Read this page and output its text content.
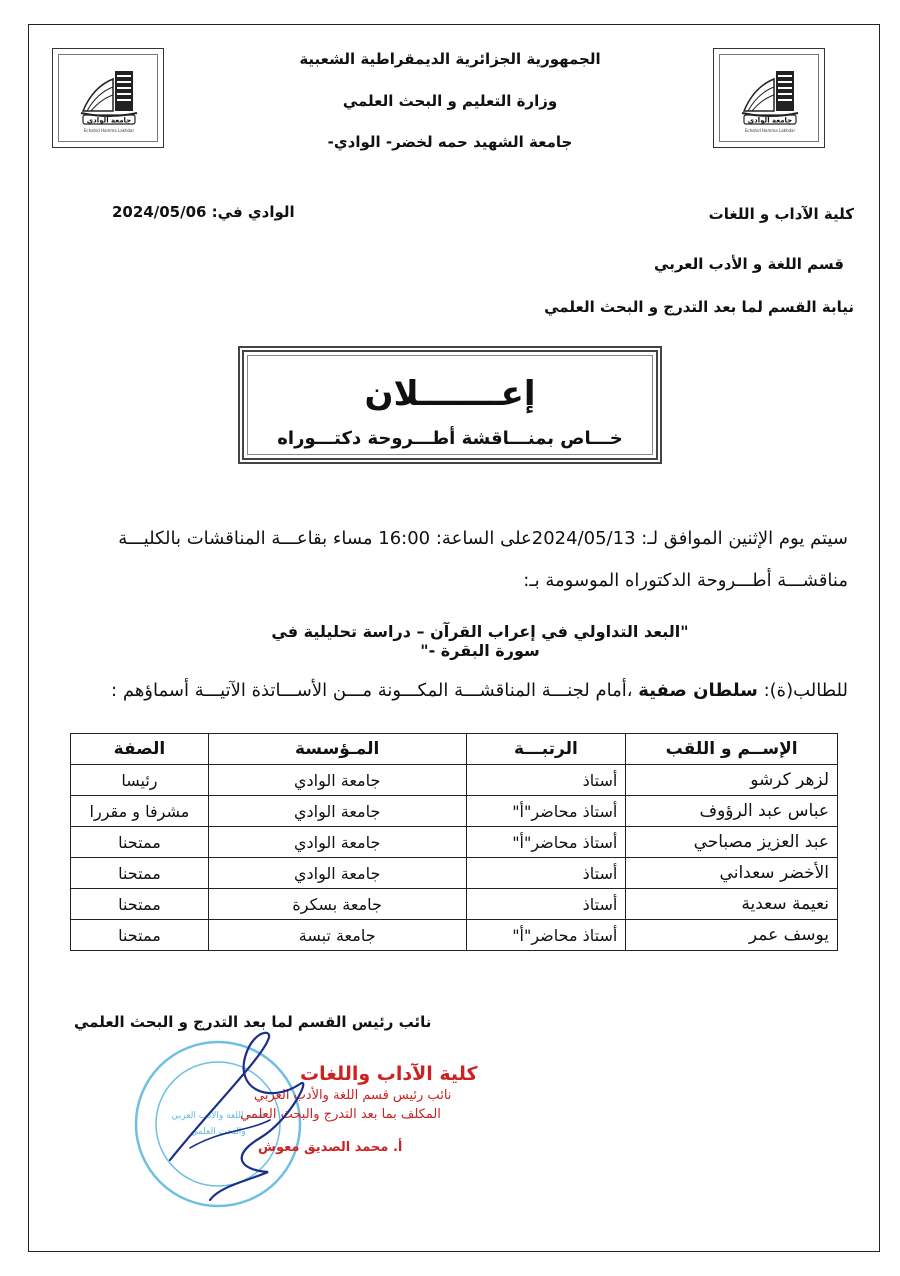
جامعة الوادي
Echahid Hamma Lakhdar
جامعة الوادي
Echahid Hamma Lakhdar
الجمهورية الجزائرية الديمقراطية الشعبية
وزارة التعليم و البحث العلمي
جامعة الشهيد حمه لخضر- الوادي-
كلية الآداب و اللغات
الوادي في: 2024/05/06
قسم اللغة و الأدب العربي
نيابة القسم لما بعد التدرج و البحث العلمي
إعـــــــلان
خـــاص بمنـــاقشة أطـــروحة دكتـــوراه
سيتم يوم الإثنين الموافق لـ: 2024/05/13على الساعة: 16:00 مساء بقاعـــة المناقشات بالكليـــة
مناقشـــة أطـــروحة الدكتوراه الموسومة بـ:
"البعد التداولي في إعراب القرآن – دراسة تحليلية في سورة البقرة -"
للطالب(ة): سلطان صفية ،أمام لجنـــة المناقشـــة المكـــونة مـــن الأســـاتذة الآتيـــة أسماؤهم :
الإســم و اللقب	الرتبـــة	المـؤسسة	الصفة
لزهر كرشو	أستاذ	جامعة الوادي	رئيسا
عباس عبد الرؤوف	أستاذ محاضر"أ"	جامعة الوادي	مشرفا و مقررا
عبد العزيز مصباحي	أستاذ محاضر"أ"	جامعة الوادي	ممتحنا
الأخضر سعداني	أستاذ	جامعة الوادي	ممتحنا
نعيمة سعدية	أستاذ	جامعة بسكرة	ممتحنا
يوسف عمر	أستاذ محاضر"أ"	جامعة تبسة	ممتحنا
نائب رئيس القسم لما بعد التدرج و البحث العلمي
قسم اللغة والأدب العربي
والبحث العلمي
كلية الآداب واللغات
نائب رئيس قسم اللغة والأدب العربي
المكلف بما بعد التدرج والبحث العلمي
أ. محمد الصديق معوش
